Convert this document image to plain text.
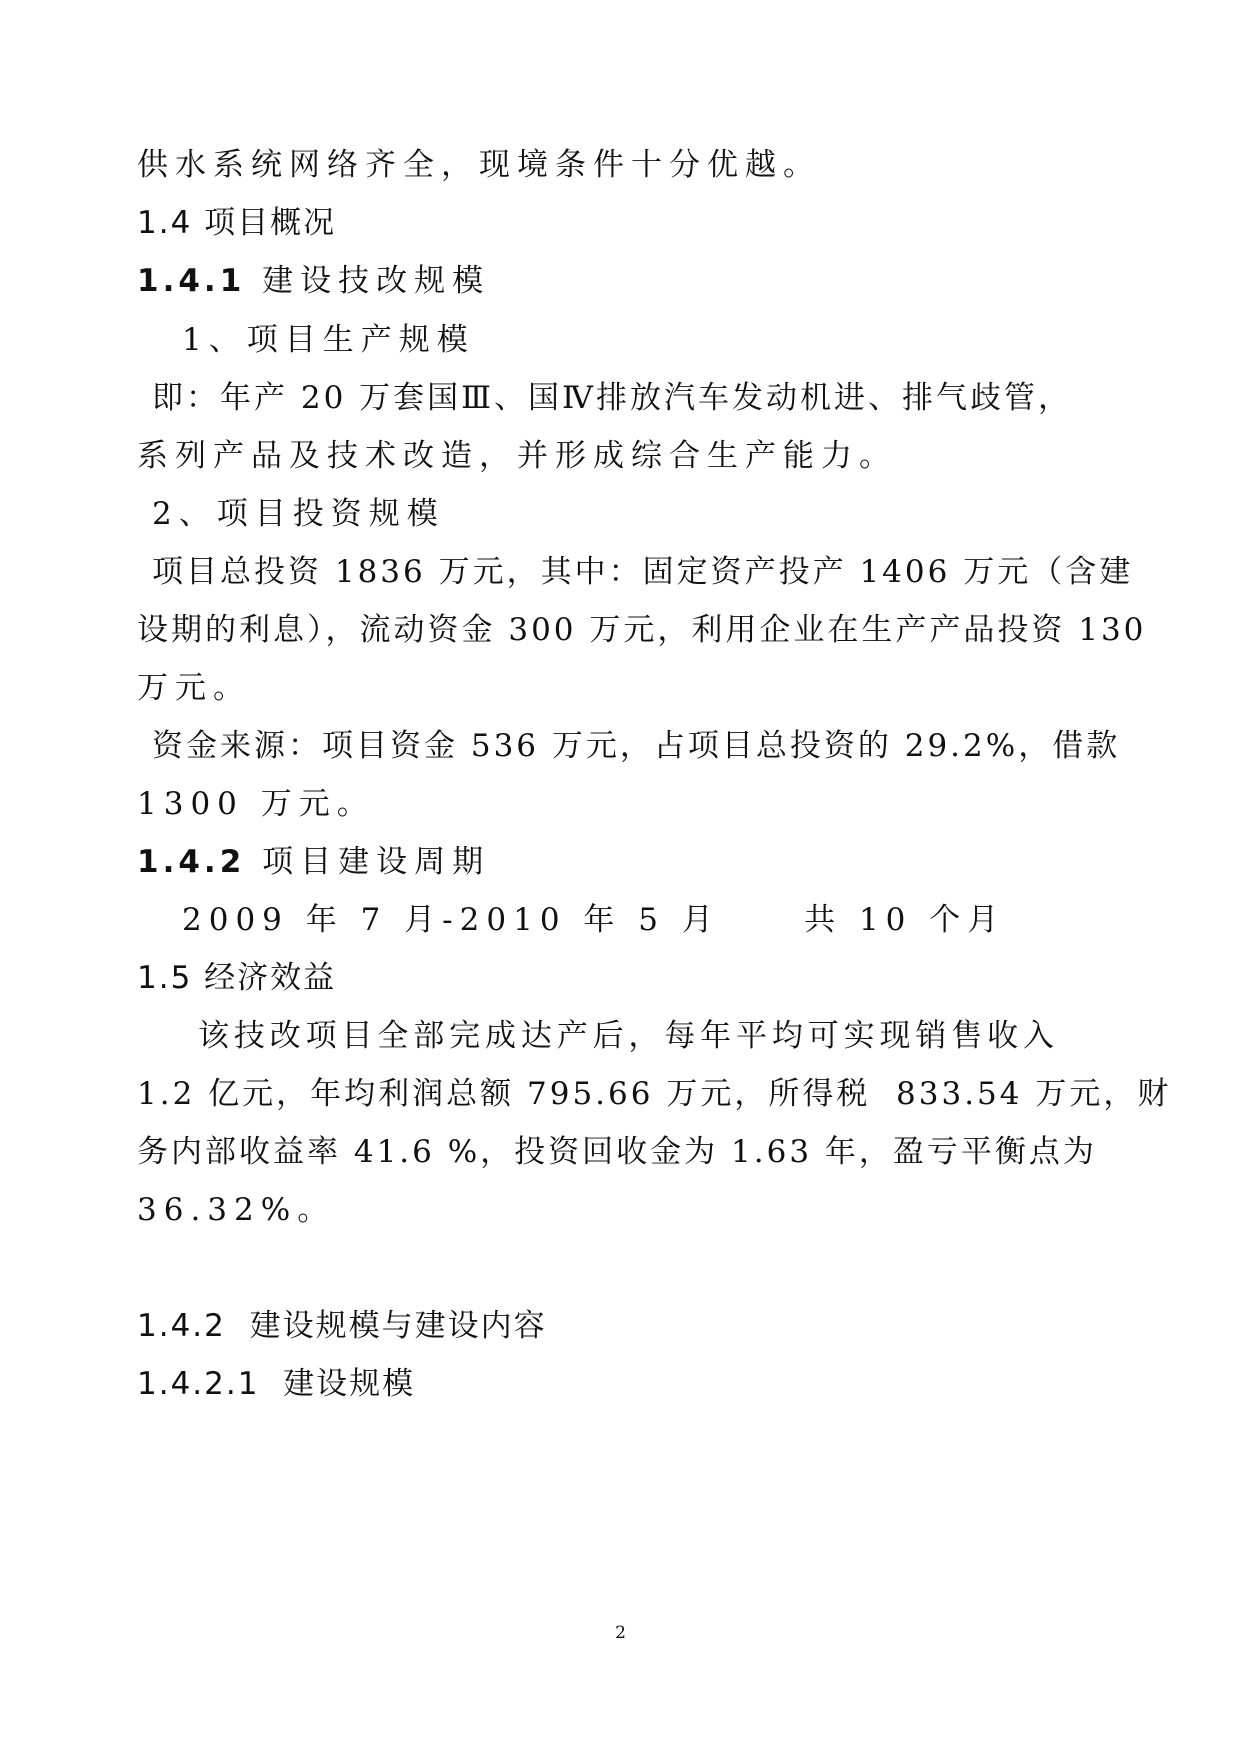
供水系统网络齐全，现境条件十分优越。
1.4 项目概况
1.4.1 建设技改规模
1、项目生产规模
即：年产 20 万套国Ⅲ、国Ⅳ排放汽车发动机进、排气歧管，
系列产品及技术改造，并形成综合生产能力。
2、项目投资规模
项目总投资 1836 万元，其中：固定资产投产 1406 万元（含建
设期的利息），流动资金 300 万元，利用企业在生产产品投资 130
万元。
资金来源：项目资金 536 万元，占项目总投资的 29.2%，借款
1300 万元。
1.4.2 项目建设周期
2009 年 7 月-2010 年 5 月     共 10 个月
1.5 经济效益
该技改项目全部完成达产后，每年平均可实现销售收入
1.2 亿元，年均利润总额 795.66 万元，所得税  833.54 万元，财
务内部收益率 41.6 %，投资回收金为 1.63 年，盈亏平衡点为
36.32%。
1.4.2  建设规模与建设内容
1.4.2.1  建设规模
2
